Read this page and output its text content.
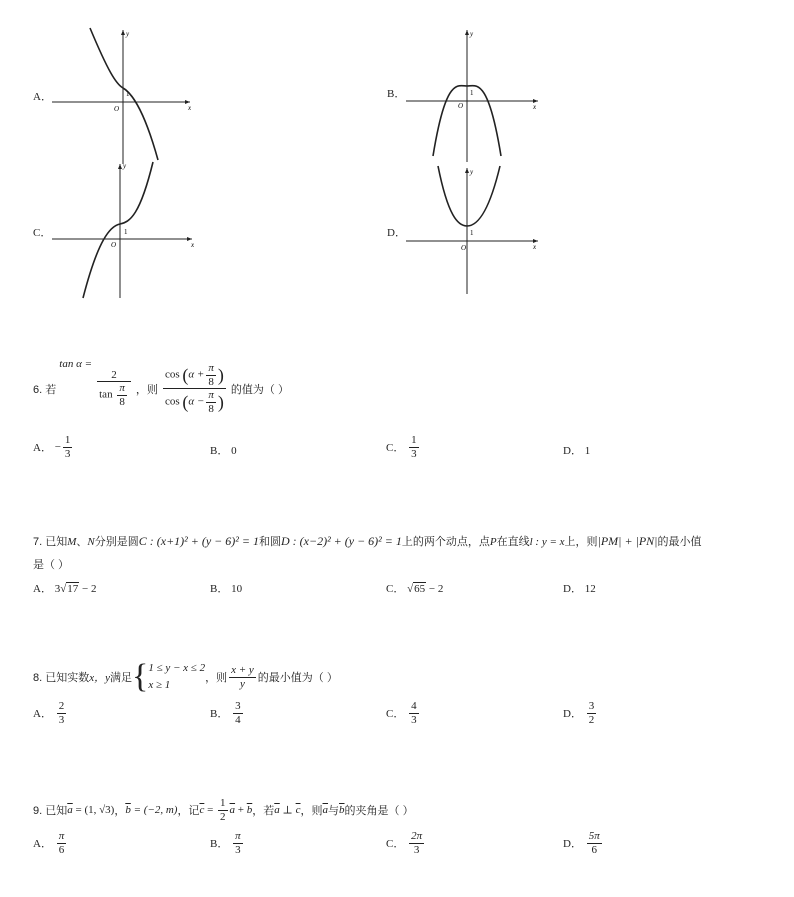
A．
y
x
O
1	B．
y
x
O
1
C．
y
x
O
1	D．
y
x
O
1
6. 若 tan α =
$\frac{2}{\tan \frac{\pi}{8}}$ ，则 $\frac{\cos (\alpha + \frac{\pi}{8} )}{\cos (\alpha - \frac{\pi}{8} )}$ 的值为（ ）
A． − $\frac{1}{3}$	B． 0	C． $\frac{1}{3}$	D． 1
7. 已知M、N分别是圆C : (x+1)² + (y − 6)² = 1和圆D : (x−2)² + (y − 6)² = 1上的两个动点，点P在直线l : y = x上，则|PM| + |PN|的最小值
是（ ）
A． 3√17 − 2	B． 10	C． √65 − 2	D． 12
8. 已知实数x，y满足{ 1 ≤ y − x ≤ 2
x ≥ 1
，则 $\frac{x + y}{y}$ 的最小值为（ ）
A． $\frac{2}{3}$	B． $\frac{3}{4}$	C． $\frac{4}{3}$	D． $\frac{3}{2}$
9. 已知$\overline{a} = (1$, √3)，$\overline{b} = (-2$, m)，记$\overline{c} = \frac{1}{2} \overline{a} + \overline{b}$，若$\overline{a}$ ⊥ $\overline{c}$，则$\overline{a}$与$\overline{b}$的夹角是（ ）
A． $\frac{\pi}{6}$	B． $\frac{\pi}{3}$	C． $\frac{2\pi}{3}$	D． $\frac{5\pi}{6}$
